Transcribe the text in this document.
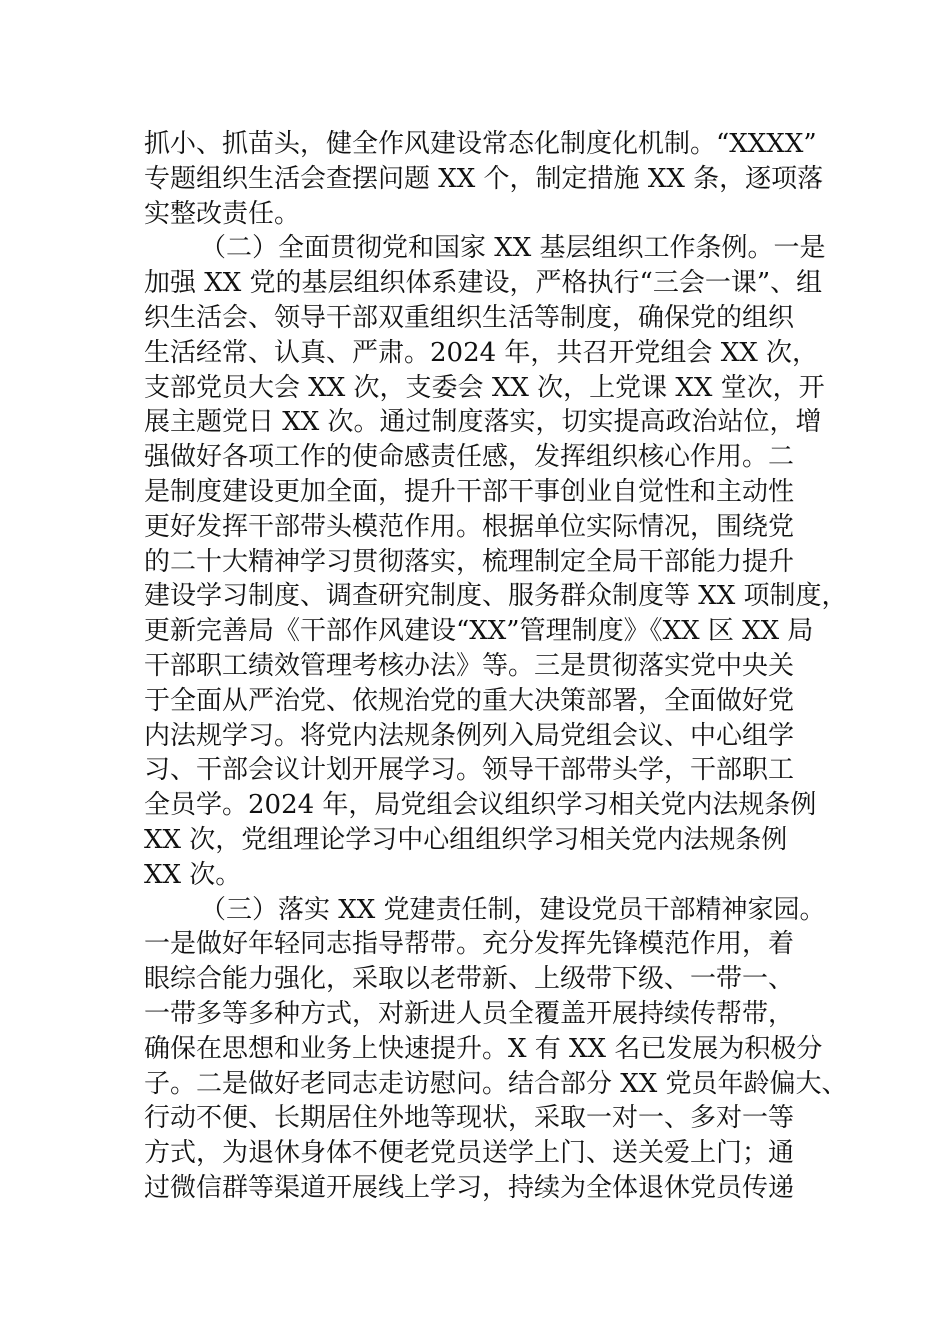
抓小、抓苗头，健全作风建设常态化制度化机制。“XXXX”
专题组织生活会查摆问题 XX 个，制定措施 XX 条，逐项落
实整改责任。
（二）全面贯彻党和国家 XX 基层组织工作条例。一是
加强 XX 党的基层组织体系建设，严格执行“三会一课”、组
织生活会、领导干部双重组织生活等制度，确保党的组织
生活经常、认真、严肃。2024 年，共召开党组会 XX 次，
支部党员大会 XX 次，支委会 XX 次，上党课 XX 堂次，开
展主题党日 XX 次。通过制度落实，切实提高政治站位，增
强做好各项工作的使命感责任感，发挥组织核心作用。二
是制度建设更加全面，提升干部干事创业自觉性和主动性
更好发挥干部带头模范作用。根据单位实际情况，围绕党
的二十大精神学习贯彻落实，梳理制定全局干部能力提升
建设学习制度、调查研究制度、服务群众制度等 XX 项制度，
更新完善局《干部作风建设“XX”管理制度》《XX 区 XX 局
干部职工绩效管理考核办法》等。三是贯彻落实党中央关
于全面从严治党、依规治党的重大决策部署，全面做好党
内法规学习。将党内法规条例列入局党组会议、中心组学
习、干部会议计划开展学习。领导干部带头学，干部职工
全员学。2024 年，局党组会议组织学习相关党内法规条例
XX 次，党组理论学习中心组组织学习相关党内法规条例
XX 次。
（三）落实 XX 党建责任制，建设党员干部精神家园。
一是做好年轻同志指导帮带。充分发挥先锋模范作用，着
眼综合能力强化，采取以老带新、上级带下级、一带一、
一带多等多种方式，对新进人员全覆盖开展持续传帮带，
确保在思想和业务上快速提升。X 有 XX 名已发展为积极分
子。二是做好老同志走访慰问。结合部分 XX 党员年龄偏大、
行动不便、长期居住外地等现状，采取一对一、多对一等
方式，为退休身体不便老党员送学上门、送关爱上门；通
过微信群等渠道开展线上学习，持续为全体退休党员传递
